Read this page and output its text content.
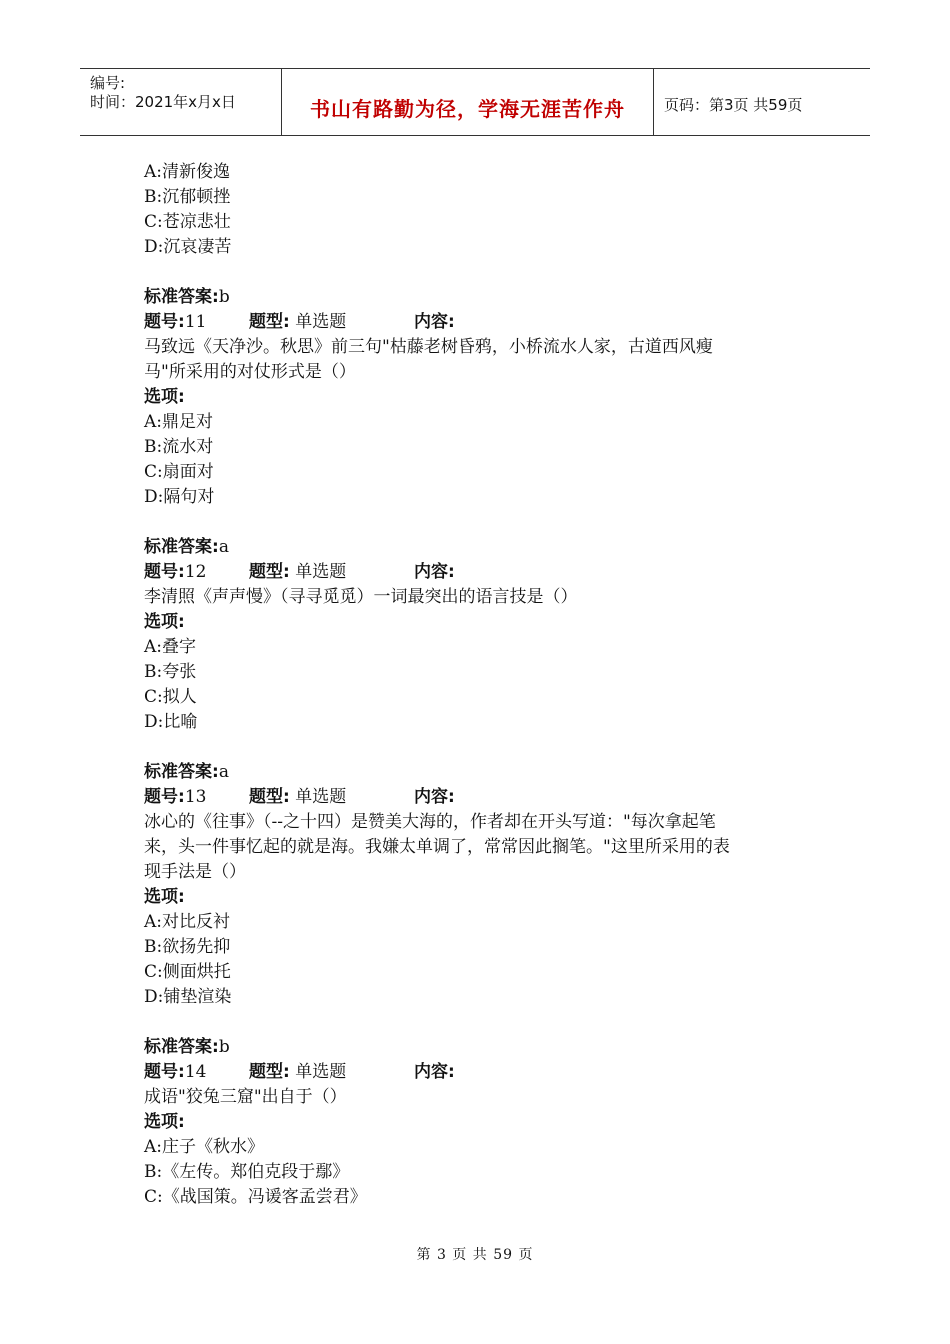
编号:
时间：2021年x月x日	书山有路勤为径，学海无涯苦作舟	页码：第3页 共59页
A:清新俊逸
B:沉郁顿挫
C:苍凉悲壮
D:沉哀凄苦
标准答案:b
题号:11	题型: 单选题	内容:
马致远《天净沙。秋思》前三句"枯藤老树昏鸦，小桥流水人家，古道西风瘦
马"所采用的对仗形式是（）
选项:
A:鼎足对
B:流水对
C:扇面对
D:隔句对
标准答案:a
题号:12	题型: 单选题	内容:
李清照《声声慢》（寻寻觅觅）一词最突出的语言技是（）
选项:
A:叠字
B:夸张
C:拟人
D:比喻
标准答案:a
题号:13	题型: 单选题	内容:
冰心的《往事》（--之十四）是赞美大海的，作者却在开头写道："每次拿起笔
来，头一件事忆起的就是海。我嫌太单调了，常常因此搁笔。"这里所采用的表
现手法是（）
选项:
A:对比反衬
B:欲扬先抑
C:侧面烘托
D:铺垫渲染
标准答案:b
题号:14	题型: 单选题	内容:
成语"狡兔三窟"出自于（）
选项:
A:庄子《秋水》
B:《左传。郑伯克段于鄢》
C:《战国策。冯谖客孟尝君》
第 3 页 共 59 页
